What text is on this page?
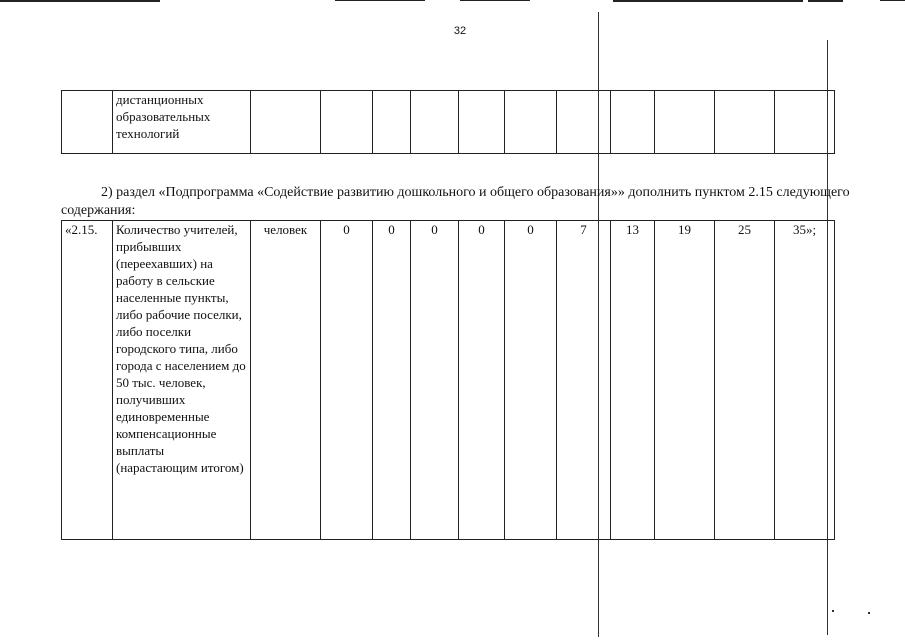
32
	дистанционных образовательных технологий											

2) раздел «Подпрограмма «Содействие развитию дошкольного и общего образования»» дополнить пунктом 2.15 следующего содержания:

«2.15.	Количество учителей, прибывших (переехавших) на работу в сельские населенные пункты, либо рабочие поселки, либо поселки городского типа, либо города с населением до 50 тыс. человек, получивших единовременные компенсационные выплаты (нарастающим итогом)	человек	0	0	0	0	0	7	13	19	25	35»;
